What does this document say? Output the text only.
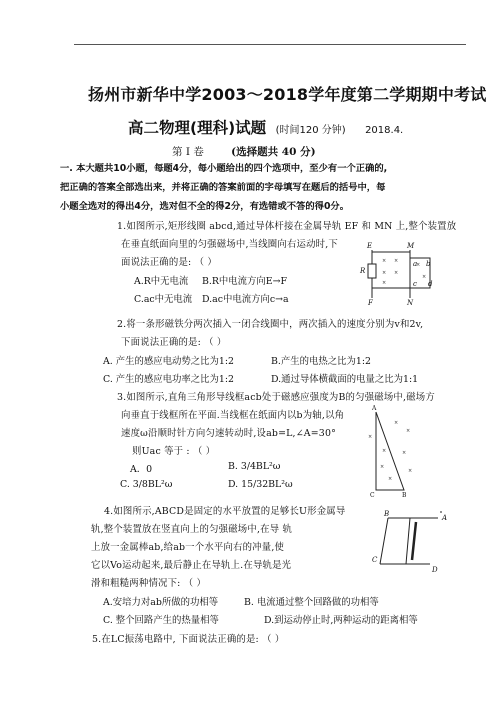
扬州市新华中学2003～2018学年度第二学期期中考试
高二物理(理科)试题 (时间120 分钟) 2018.4.
第 I 卷	(选择题共 40 分)
一. 本大题共10小题，每题4分，每小题给出的四个选项中，至少有一个正确的,
把正确的答案全部选出来，并将正确的答案前面的字母填写在题后的括号中，每
小题全选对的得出4分，选对但不全的得2分，有选错或不答的得0分。
1.如图所示,矩形线圈 abcd,通过导体杆接在金属导轨 EF 和 MN 上,整个装置放
在垂直纸面向里的匀强磁场中,当线圈向右运动时,下
面说法正确的是: （ ）
A.R中无电流 B.R中电流方向E→F
C.ac中无电流 D.ac中电流方向c→a
× ×
×
× ×
×
×
E	M
R
a b
c d
F	N
2.将一条形磁铁分两次插入一闭合线圈中，两次插入的速度分别为v和2v,
下面说法正确的是: （ ）
A. 产生的感应电动势之比为1:2	B.产生的电热之比为1:2
C. 产生的感应电功率之比为1:2	D.通过导体横截面的电量之比为1:1
3.如图所示,直角三角形导线框acb处于磁感应强度为B的匀强磁场中,磁场方
向垂直于线框所在平面.当线框在纸面内以b为轴,以角
速度ω沿顺时针方向匀速转动时,设ab=L,∠A=30°
则Uac 等于 : （ ）
A．0	B. 3/4BL²ω
C. 3/8BL²ω	D. 15/32BL²ω
×
×
×
×	×
×
×
×
A
C	B
4.如图所示,ABCD是固定的水平放置的足够长U形金属导
轨,整个装置放在竖直向上的匀强磁场中,在导 轨
上放一金属棒ab,给ab一个水平向右的冲量,使
它以Vo运动起来,最后静止在导轨上.在导轨是光
滑和粗糙两种情况下: （ ）
A.安培力对ab所做的功相等	B. 电流通过整个回路做的功相等
C. 整个回路产生的热量相等	D.到运动停止时,两种运动的距离相等
B	A
C
D
5.在LC振荡电路中, 下面说法正确的是: （ ）
